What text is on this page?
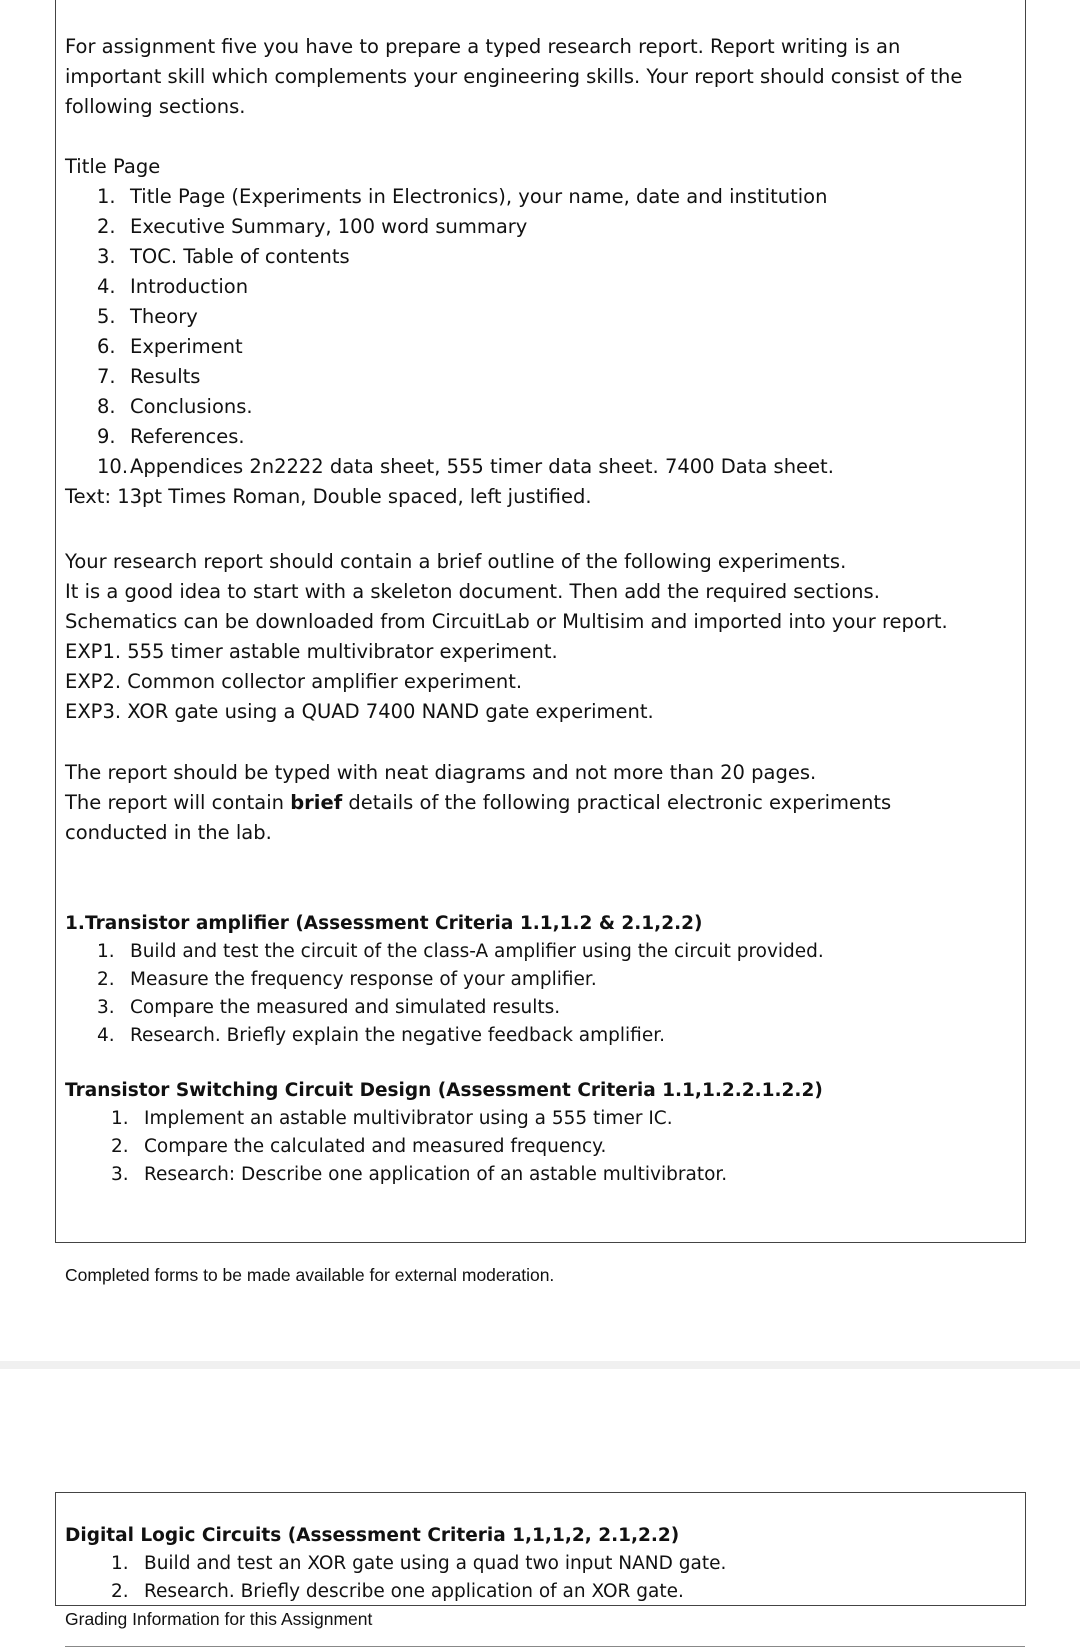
For assignment five you have to prepare a typed research report. Report writing is an
important skill which complements your engineering skills. Your report should consist of the
following sections.
Title Page
1. Title Page (Experiments in Electronics), your name, date and institution
2. Executive Summary, 100 word summary
3. TOC. Table of contents
4. Introduction
5. Theory
6. Experiment
7. Results
8. Conclusions.
9. References.
10. Appendices 2n2222 data sheet, 555 timer data sheet. 7400 Data sheet.
Text: 13pt Times Roman, Double spaced, left justified.
Your research report should contain a brief outline of the following experiments.
It is a good idea to start with a skeleton document. Then add the required sections.
Schematics can be downloaded from CircuitLab or Multisim and imported into your report.
EXP1. 555 timer astable multivibrator experiment.
EXP2. Common collector amplifier experiment.
EXP3. XOR gate using a QUAD 7400 NAND gate experiment.
The report should be typed with neat diagrams and not more than 20 pages.
The report will contain brief details of the following practical electronic experiments
conducted in the lab.
1.Transistor amplifier (Assessment Criteria 1.1,1.2 & 2.1,2.2)
1. Build and test the circuit of the class-A amplifier using the circuit provided.
2. Measure the frequency response of your amplifier.
3. Compare the measured and simulated results.
4. Research. Briefly explain the negative feedback amplifier.
Transistor Switching Circuit Design (Assessment Criteria 1.1,1.2.2.1.2.2)
1. Implement an astable multivibrator using a 555 timer IC.
2. Compare the calculated and measured frequency.
3. Research: Describe one application of an astable multivibrator.
Completed forms to be made available for external moderation.
Digital Logic Circuits (Assessment Criteria 1,1,1,2, 2.1,2.2)
1. Build and test an XOR gate using a quad two input NAND gate.
2. Research. Briefly describe one application of an XOR gate.
Grading Information for this Assignment
